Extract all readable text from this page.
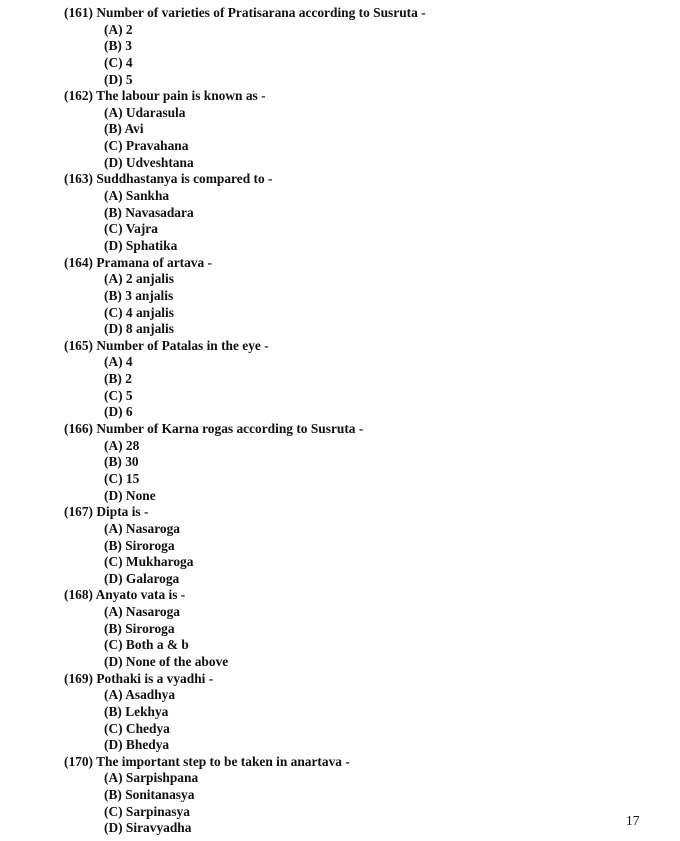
(161) Number of varieties of Pratisarana according to Susruta -
(A) 2
(B) 3
(C) 4
(D) 5
(162) The labour pain is known as -
(A) Udarasula
(B) Avi
(C) Pravahana
(D) Udveshtana
(163) Suddhastanya is compared to -
(A) Sankha
(B) Navasadara
(C) Vajra
(D) Sphatika
(164) Pramana of artava -
(A) 2 anjalis
(B) 3 anjalis
(C) 4 anjalis
(D) 8 anjalis
(165) Number of Patalas in the eye -
(A) 4
(B) 2
(C) 5
(D) 6
(166) Number of Karna rogas according to Susruta -
(A) 28
(B) 30
(C) 15
(D) None
(167) Dipta is -
(A) Nasaroga
(B) Siroroga
(C) Mukharoga
(D) Galaroga
(168) Anyato vata is -
(A) Nasaroga
(B) Siroroga
(C) Both a & b
(D) None of the above
(169) Pothaki is a vyadhi -
(A) Asadhya
(B) Lekhya
(C) Chedya
(D) Bhedya
(170) The important step to be taken in anartava -
(A) Sarpishpana
(B) Sonitanasya
(C) Sarpinasya
(D) Siravyadha	17
